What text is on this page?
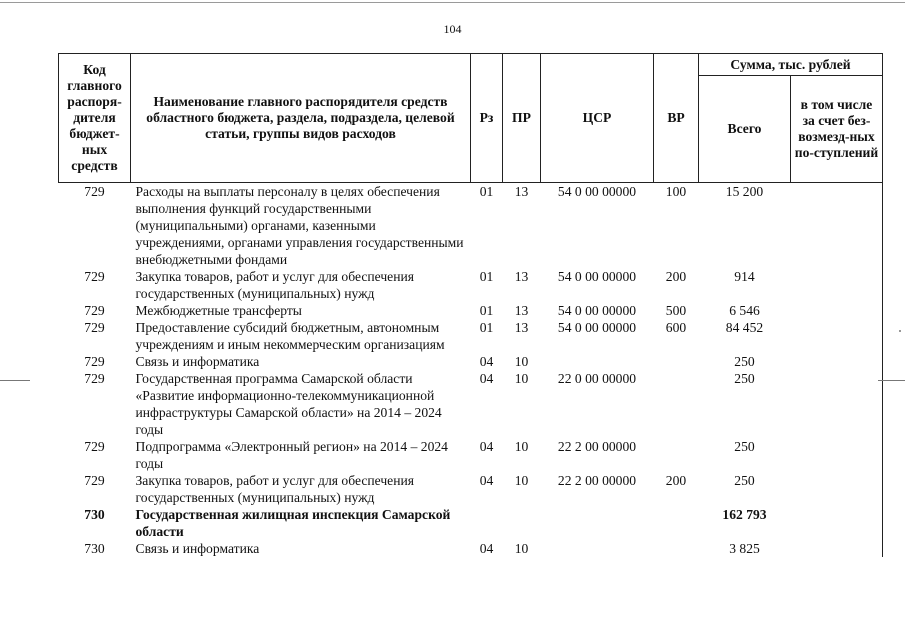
104
Код главного распоря-дителя бюджет-ных средств	Наименование главного распорядителя средств областного бюджета, раздела, подраздела, целевой статьи, группы видов расходов	Рз	ПР	ЦСР	ВР	Сумма, тыс. рублей	
						Всего	в том числе за счет без-возмезд-ных по-ступлений
729	Расходы на выплаты персоналу в целях обеспечения выполнения функций государственными (муниципальными) органами, казенными учреждениями, органами управления государственными внебюджетными фондами	01	13	54 0 00 00000	100	15 200	
729	Закупка товаров, работ и услуг для обеспечения государственных (муниципальных) нужд	01	13	54 0 00 00000	200	914	
729	Межбюджетные трансферты	01	13	54 0 00 00000	500	6 546	
729	Предоставление субсидий бюджетным, автономным учреждениям и иным некоммерческим организациям	01	13	54 0 00 00000	600	84 452	
729	Связь и информатика	04	10			250	
729	Государственная программа Самарской области «Развитие информационно-телекоммуникационной инфраструктуры Самарской области» на 2014 – 2024 годы	04	10	22 0 00 00000		250	
729	Подпрограмма «Электронный регион» на 2014 – 2024 годы	04	10	22 2 00 00000		250	
729	Закупка товаров, работ и услуг для обеспечения государственных (муниципальных) нужд	04	10	22 2 00 00000	200	250	
730	Государственная жилищная инспекция Самарской области					162 793	
730	Связь и информатика	04	10			3 825	
